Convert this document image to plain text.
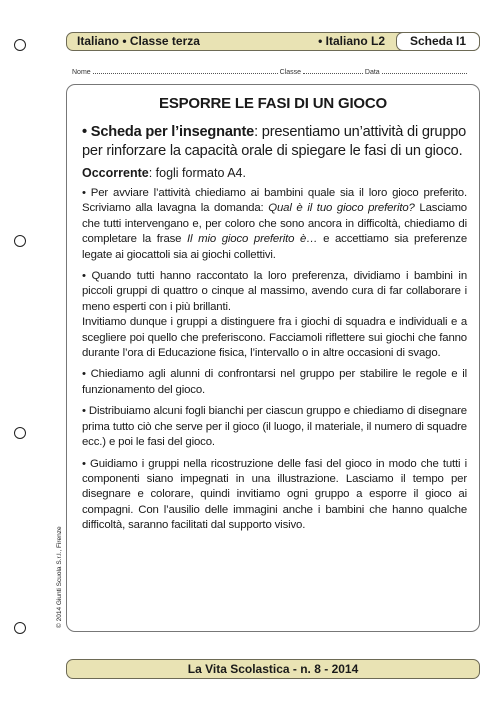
Italiano • Classe terza	• Italiano L2	Scheda I1
Nome	Classe	Data
ESPORRE LE FASI DI UN GIOCO
• Scheda per l’insegnante: presentiamo un’attività di gruppo per rinforzare la capacità orale di spiegare le fasi di un gioco.
Occorrente: fogli formato A4.
• Per avviare l’attività chiediamo ai bambini quale sia il loro gioco preferito. Scriviamo alla lavagna la domanda: Qual è il tuo gioco preferito? Lasciamo che tutti intervengano e, per coloro che sono ancora in difficoltà, chiediamo di completare la frase Il mio gioco preferito è… e accettiamo sia preferenze legate ai giocattoli sia ai giochi collettivi.
• Quando tutti hanno raccontato la loro preferenza, dividiamo i bambini in piccoli gruppi di quattro o cinque al massimo, avendo cura di far collaborare i meno esperti con i più brillanti.
Invitiamo dunque i gruppi a distinguere fra i giochi di squadra e individuali e a scegliere poi quello che preferiscono. Facciamoli riflettere sui giochi che fanno durante l’ora di Educazione fisica, l’intervallo o in altre occasioni di svago.
• Chiediamo agli alunni di confrontarsi nel gruppo per stabilire le regole e il funzionamento del gioco.
• Distribuiamo alcuni fogli bianchi per ciascun gruppo e chiediamo di disegnare prima tutto ciò che serve per il gioco (il luogo, il materiale, il numero di squadre ecc.) e poi le fasi del gioco.
• Guidiamo i gruppi nella ricostruzione delle fasi del gioco in modo che tutti i componenti siano impegnati in una illustrazione. Lasciamo il tempo per disegnare e colorare, quindi invitiamo ogni gruppo a esporre il gioco ai compagni. Con l’ausilio delle immagini anche i bambini che hanno qualche difficoltà, saranno facilitati dal supporto visivo.
© 2014 Giunti Scuola S.r.l., Firenze
La Vita Scolastica - n. 8 - 2014
